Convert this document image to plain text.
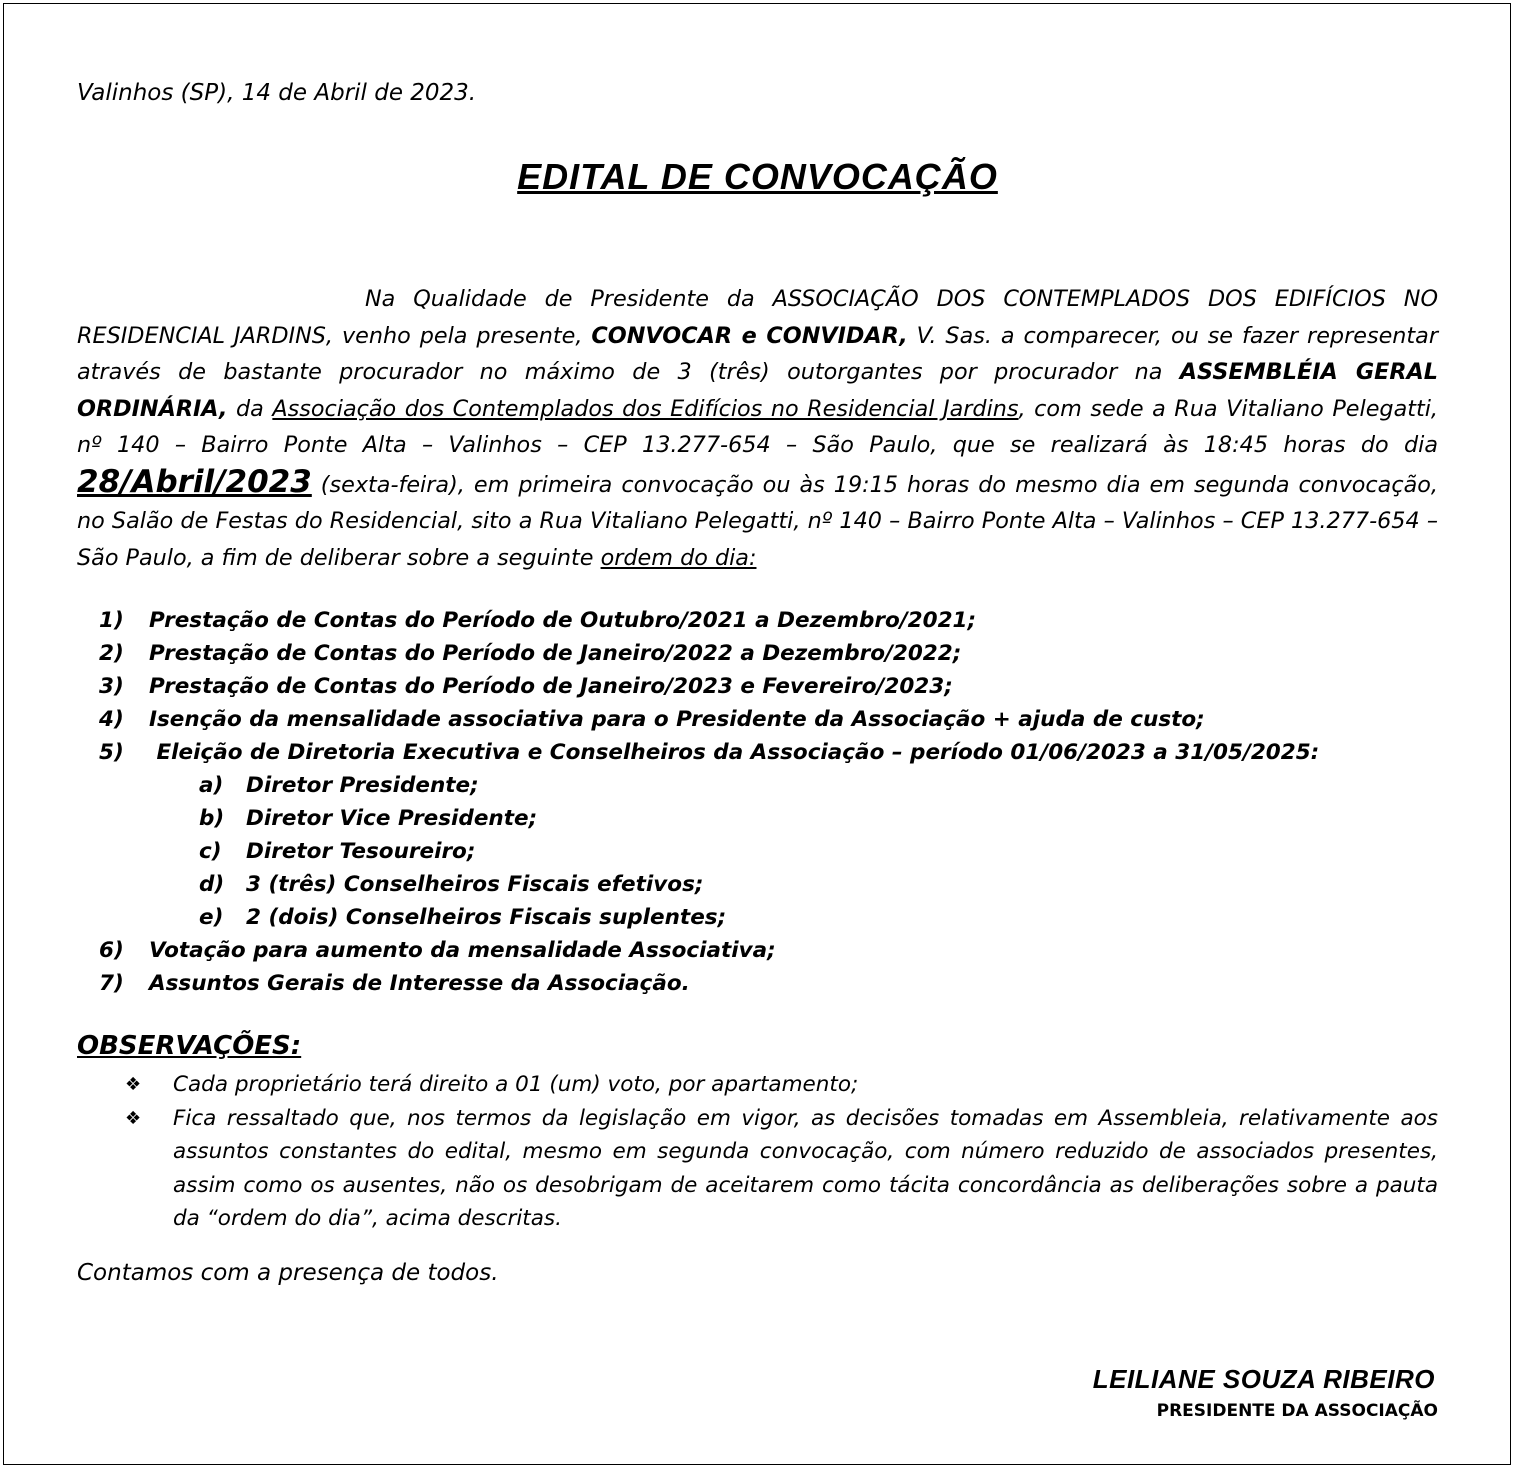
Valinhos (SP), 14 de Abril de 2023.
EDITAL DE CONVOCAÇÃO
Na Qualidade de Presidente da ASSOCIAÇÃO DOS CONTEMPLADOS DOS EDIFÍCIOS NO RESIDENCIAL JARDINS, venho pela presente, CONVOCAR e CONVIDAR, V. Sas. a comparecer, ou se fazer representar através de bastante procurador no máximo de 3 (três) outorgantes por procurador na ASSEMBLÉIA GERAL ORDINÁRIA, da Associação dos Contemplados dos Edifícios no Residencial Jardins, com sede a Rua Vitaliano Pelegatti, nº 140 – Bairro Ponte Alta – Valinhos – CEP 13.277-654 – São Paulo, que se realizará às 18:45 horas do dia 28/Abril/2023 (sexta-feira), em primeira convocação ou às 19:15 horas do mesmo dia em segunda convocação, no Salão de Festas do Residencial, sito a Rua Vitaliano Pelegatti, nº 140 – Bairro Ponte Alta – Valinhos – CEP 13.277-654 – São Paulo, a fim de deliberar sobre a seguinte ordem do dia:
1)	Prestação de Contas do Período de Outubro/2021 a Dezembro/2021;
2)	Prestação de Contas do Período de Janeiro/2022 a Dezembro/2022;
3)	Prestação de Contas do Período de Janeiro/2023 e Fevereiro/2023;
4)	Isenção da mensalidade associativa para o Presidente da Associação + ajuda de custo;
5)	Eleição de Diretoria Executiva e Conselheiros da Associação – período 01/06/2023 a 31/05/2025:
a)	Diretor Presidente;
b)	Diretor Vice Presidente;
c)	Diretor Tesoureiro;
d)	3 (três) Conselheiros Fiscais efetivos;
e)	2 (dois) Conselheiros Fiscais suplentes;
6)	Votação para aumento da mensalidade Associativa;
7)	Assuntos Gerais de Interesse da Associação.
OBSERVAÇÕES:
❖	Cada proprietário terá direito a 01 (um) voto, por apartamento;
❖	Fica ressaltado que, nos termos da legislação em vigor, as decisões tomadas em Assembleia, relativamente aos assuntos constantes do edital, mesmo em segunda convocação, com número reduzido de associados presentes, assim como os ausentes, não os desobrigam de aceitarem como tácita concordância as deliberações sobre a pauta da “ordem do dia”, acima descritas.
Contamos com a presença de todos.
LEILIANE SOUZA RIBEIRO
PRESIDENTE DA ASSOCIAÇÃO
